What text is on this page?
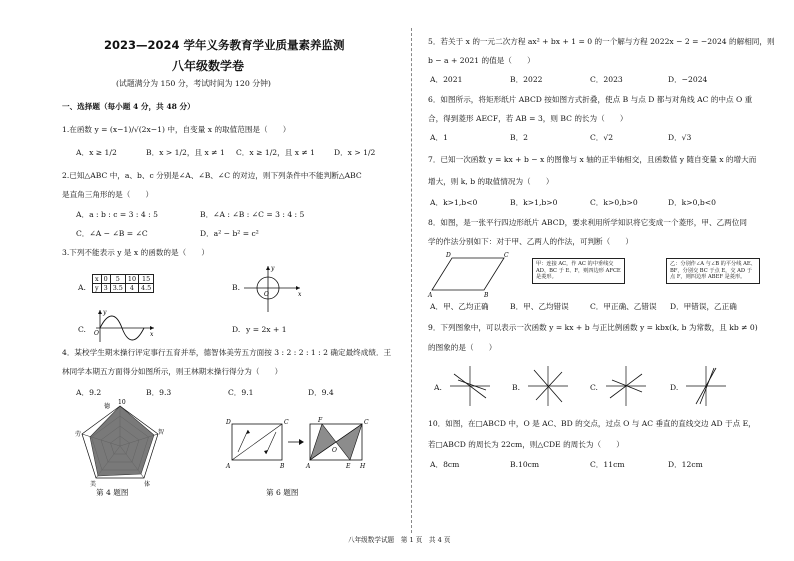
2023—2024 学年义务教育学业质量素养监测
八年级数学卷
(试题满分为 150 分，考试时间为 120 分钟)
一、选择题（每小题 4 分，共 48 分）
1.在函数 y = (x−1)/√(2x−1) 中，自变量 x 的取值范围是（　　）
A．x ≥ 1/2	B．x > 1/2，且 x ≠ 1 C．x ≥ 1/2，且 x ≠ 1 D．x > 1/2
2.已知△ABC 中，a、b、c 分别是∠A、∠B、∠C 的对边，则下列条件中不能判断△ABC
是直角三角形的是（　　）
A．a : b : c = 3 : 4 : 5	B．∠A : ∠B : ∠C = 3 : 4 : 5
C．∠A − ∠B = ∠C	D．a² − b² = c²
3.下列不能表示 y 是 x 的函数的是（　　）
A.
x	0	5	10	15
y	3	3.5	4	4.5	B.
O	x
y
C. O	x
y
D. y = 2x + 1
4．某校学生期末操行评定事行五育并举，德智体美劳五方面按 3 : 2 : 2 : 1 : 2 确定最终成绩．王
林同学本期五方面得分如图所示，则王林期末操行得分为（　　）
A．9.2	B．9.3	C．9.1	D．9.4
10
德
智
体
美
劳
第 4 题图
D	C
A	B
F	C
A	E H
O
第 6 题图
5．若关于 x 的一元二次方程 ax² + bx + 1 = 0 的一个解与方程 2022x − 2 = −2024 的解相同，则
b − a + 2021 的值是（　　）
A．2021	B．2022	C．2023	D．−2024
6．如图所示，将矩形纸片 ABCD 按如图方式折叠，使点 B 与点 D 都与对角线 AC 的中点 O 重
合，得到菱形 AECF，若 AB = 3，则 BC 的长为（　　）
A．1	B．2	C．√2	D．√3
7．已知一次函数 y = kx + b − x 的图像与 x 轴的正半轴相交，且函数值 y 随自变量 x 的增大而
增大，则 k, b 的取值情况为（　　）
A．k>1,b<0	B．k>1,b>0	C．k>0,b>0	D．k>0,b<0
8．如图，是一张平行四边形纸片 ABCD，要求利用所学知识将它变成一个菱形，甲、乙两位同
学的作法分别如下：对于甲、乙两人的作法，可判断（　　）
D	C
A	B
甲：连接 AC，作 AC 的中垂线交
AD、BC 于 E、F，则四边形 AFCE
是菱形。
乙：分别作∠A 与∠B 的平分线 AE、
BF，分别交 BC 于点 E，交 AD 于
点 F，则四边形 ABEF 是菱形。
A．甲、乙均正确	B．甲、乙均错误	C．甲正确、乙错误 D．甲错误，乙正确
9．下列图象中，可以表示一次函数 y = kx + b 与正比例函数 y = kbx(k, b 为常数，且 kb ≠ 0)
的图象的是（　　）
A.	B.	C.	D.
10．如图，在□ABCD 中，O 是 AC、BD 的交点，过点 O 与 AC 垂直的直线交边 AD 于点 E，
若□ABCD 的周长为 22cm，则△CDE 的周长为（　　）
A．8cm	B.10cm	C．11cm	D．12cm
八年级数学试题　第 1 页　共 4 页
